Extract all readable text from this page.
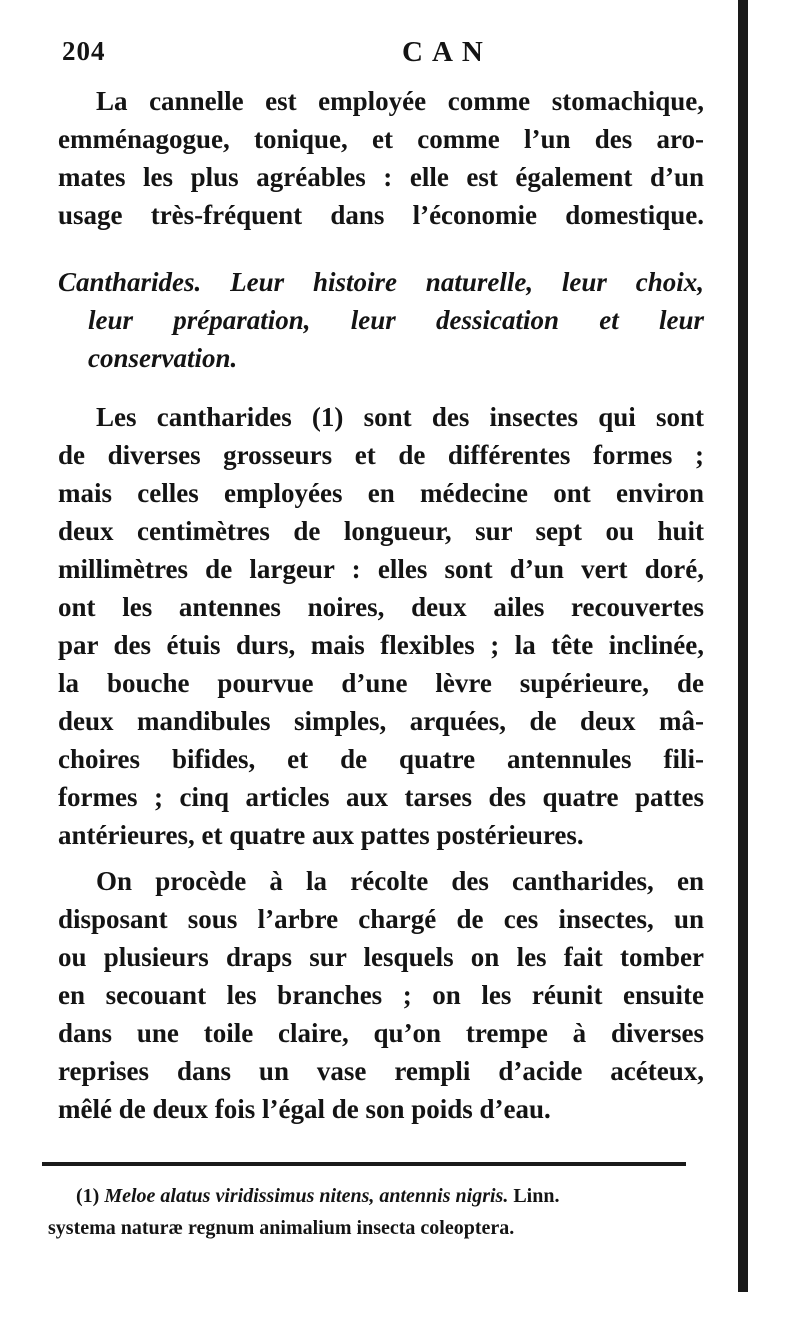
204	CAN
La cannelle est employée comme stomachique,
emménagogue, tonique, et comme l’un des aro-
mates les plus agréables : elle est également d’un
usage très-fréquent dans l’économie domestique.
Cantharides. Leur histoire naturelle, leur choix,
leur préparation, leur dessication et leur
conservation.
Les cantharides (1) sont des insectes qui sont
de diverses grosseurs et de différentes formes ;
mais celles employées en médecine ont environ
deux centimètres de longueur, sur sept ou huit
millimètres de largeur : elles sont d’un vert doré,
ont les antennes noires, deux ailes recouvertes
par des étuis durs, mais flexibles ; la tête inclinée,
la bouche pourvue d’une lèvre supérieure, de
deux mandibules simples, arquées, de deux mâ-
choires bifides, et de quatre antennules fili-
formes ; cinq articles aux tarses des quatre pattes
antérieures, et quatre aux pattes postérieures.
On procède à la récolte des cantharides, en
disposant sous l’arbre chargé de ces insectes, un
ou plusieurs draps sur lesquels on les fait tomber
en secouant les branches ; on les réunit ensuite
dans une toile claire, qu’on trempe à diverses
reprises dans un vase rempli d’acide acéteux,
mêlé de deux fois l’égal de son poids d’eau.
(1) Meloe alatus viridissimus nitens, antennis nigris. Linn.
systema naturæ regnum animalium insecta coleoptera.
